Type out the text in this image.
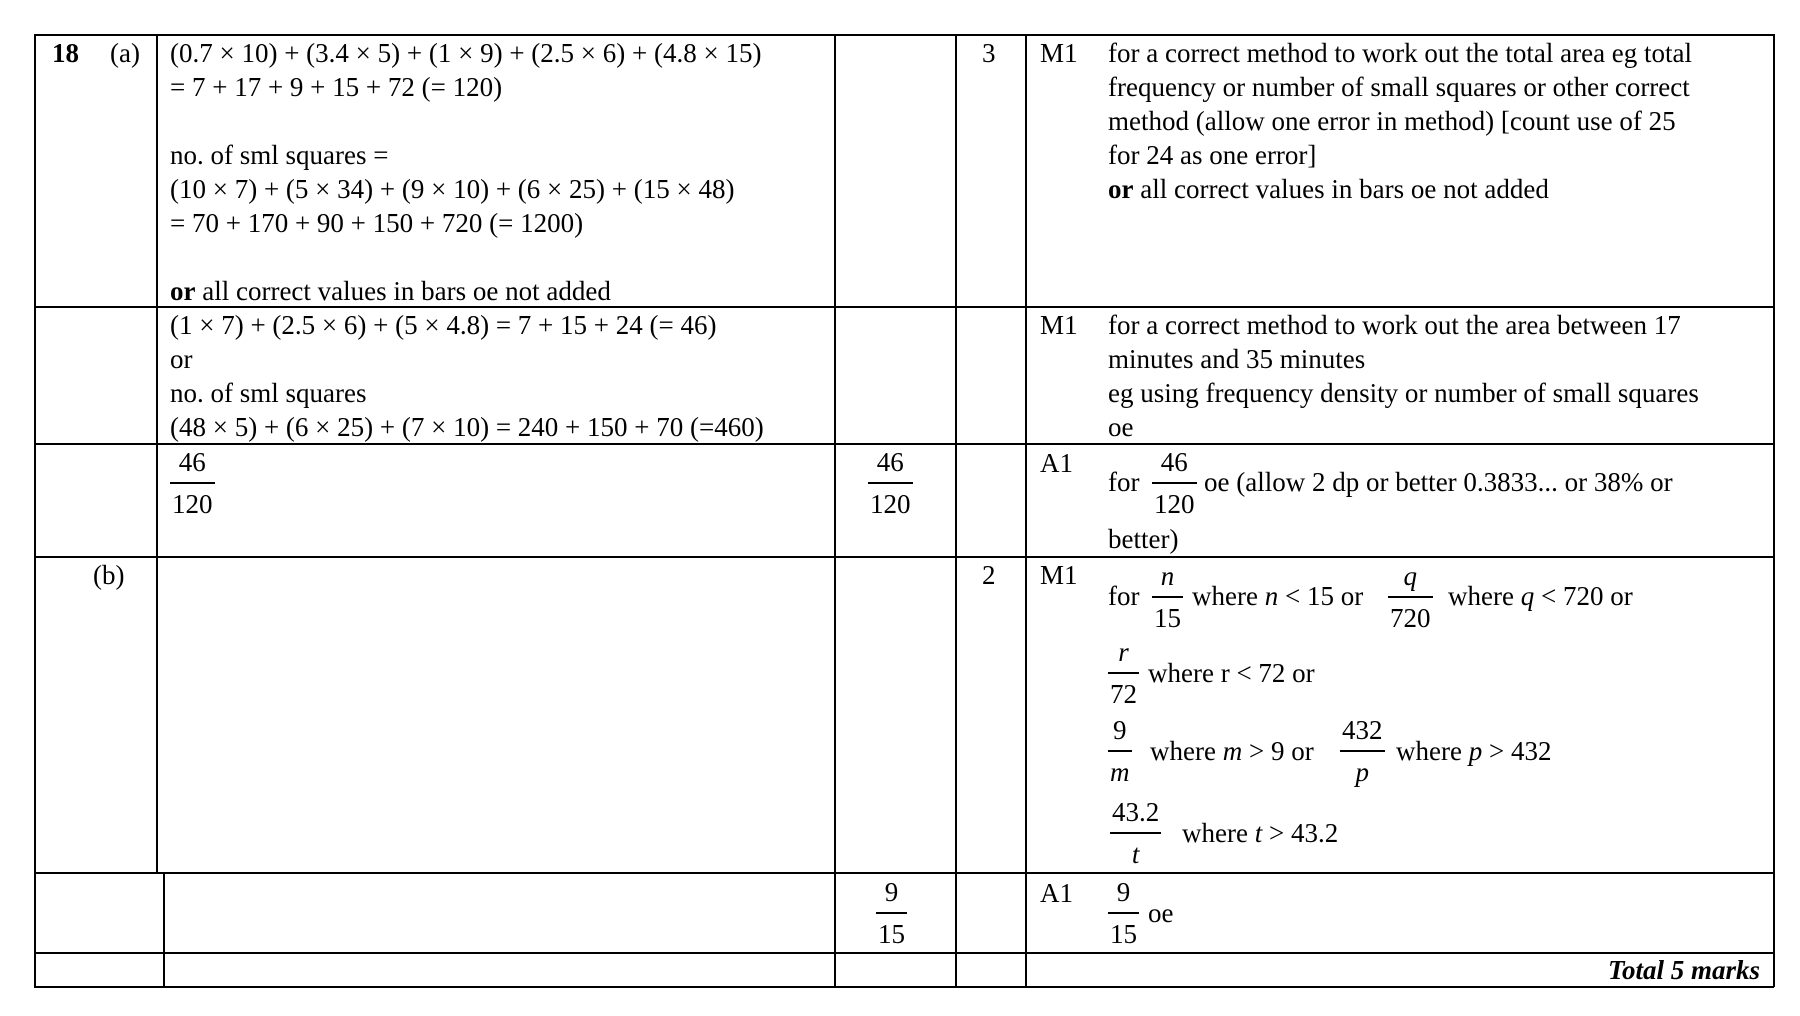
18 (a) (0.7 × 10) + (3.4 × 5) + (1 × 9) + (2.5 × 6) + (4.8 × 15)
= 7 + 17 + 9 + 15 + 72 (= 120)
no. of sml squares =
(10 × 7) + (5 × 34) + (9 × 10) + (6 × 25) + (15 × 48)
= 70 + 170 + 90 + 150 + 720 (= 1200)
or all correct values in bars oe not added
3 M1 for a correct method to work out the total area eg total
frequency or number of small squares or other correct
method (allow one error in method) [count use of 25
for 24 as one error]
or all correct values in bars oe not added
(1 × 7) + (2.5 × 6) + (5 × 4.8) = 7 + 15 + 24 (= 46)
or
no. of sml squares
(48 × 5) + (6 × 25) + (7 × 10) = 240 + 150 + 70 (=460)
M1 for a correct method to work out the area between 17
minutes and 35 minutes
eg using frequency density or number of small squares
oe
46
120
46
120
A1
for
46
120
oe (allow 2 dp or better 0.3833... or 38% or
better)
(b)	2 M1
for
n
15
where n < 15 or
q
720
where q < 720 or
r
72
where r < 72 or
9
m
where m > 9 or
432
p
where p > 432
43.2
t
where t > 43.2
9
15
A1	9
15
oe
Total 5 marks
